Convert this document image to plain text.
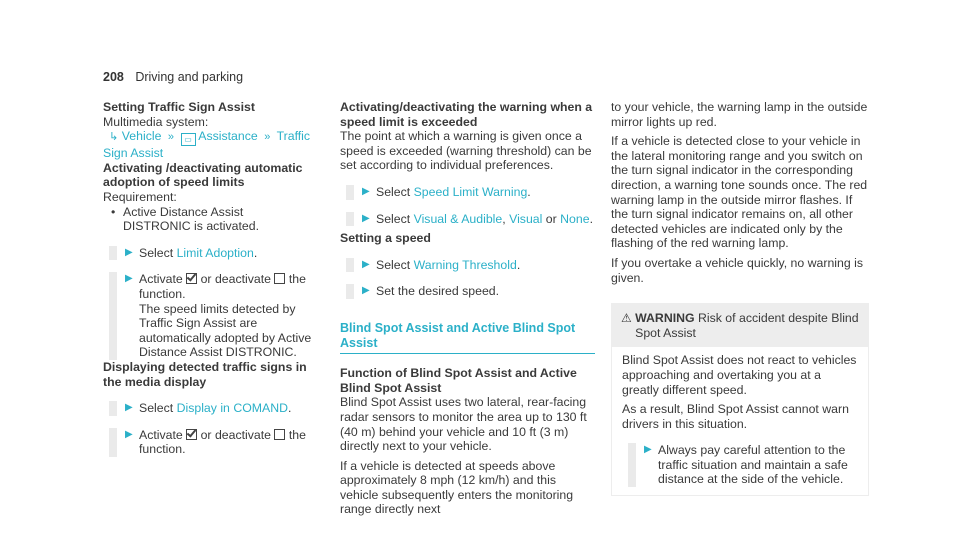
208 Driving and parking

Setting Traffic Sign Assist

Multimedia system:

↳ Vehicle  »  ▭ Assistance  »  Traffic Sign Assist

Activating /deactivating automatic adoption of speed limits

Requirement:

• Active Distance Assist DISTRONIC is activated.

▶ Select Limit Adoption.

▶ Activate or deactivate the function.

The speed limits detected by Traffic Sign Assist are automatically adopted by Active Distance Assist DISTRONIC.

Displaying detected traffic signs in the media display

▶ Select Display in COMAND.

▶ Activate or deactivate the function.

Activating/deactivating the warning when a speed limit is exceeded

The point at which a warning is given once a speed is exceeded (warning threshold) can be set according to individual preferences.

▶ Select Speed Limit Warning.

▶ Select Visual & Audible, Visual or None.

Setting a speed

▶ Select Warning Threshold.

▶ Set the desired speed.

Blind Spot Assist and Active Blind Spot Assist

Function of Blind Spot Assist and Active Blind Spot Assist

Blind Spot Assist uses two lateral, rear-facing radar sensors to monitor the area up to 130 ft (40 m) behind your vehicle and 10 ft (3 m) directly next to your vehicle.

If a vehicle is detected at speeds above approximately 8 mph (12 km/h) and this vehicle subsequently enters the monitoring range directly next

to your vehicle, the warning lamp in the outside mirror lights up red.

If a vehicle is detected close to your vehicle in the lateral monitoring range and you switch on the turn signal indicator in the corresponding direction, a warning tone sounds once. The red warning lamp in the outside mirror flashes. If the turn signal indicator remains on, all other detected vehicles are indicated only by the flashing of the red warning lamp.

If you overtake a vehicle quickly, no warning is given.

⚠ WARNING Risk of accident despite Blind Spot Assist

Blind Spot Assist does not react to vehicles approaching and overtaking you at a greatly different speed.

As a result, Blind Spot Assist cannot warn drivers in this situation.

▶ Always pay careful attention to the traffic situation and maintain a safe distance at the side of the vehicle.
